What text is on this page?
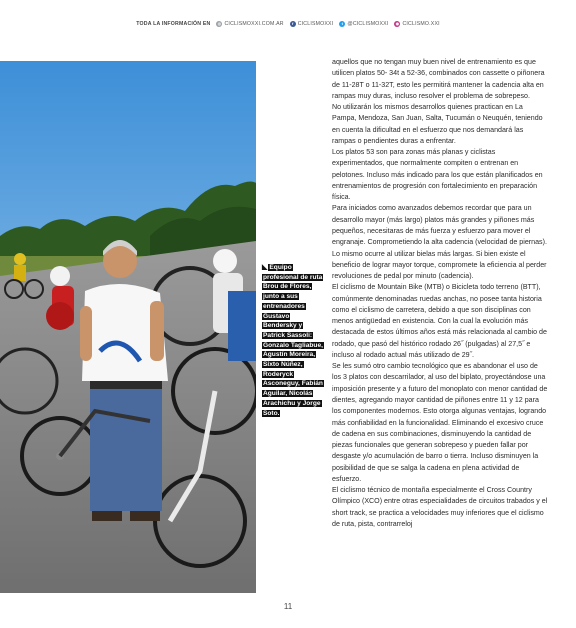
TODA LA INFORMACIÓN EN ◎ CICLISMOXXI.COM.AR	f CICLISMOXXI	t @CICLISMOXXI ◉ CICLISMO.XXI
◣ Equipo profesional de ruta Brou de Flores, junto a sus entrenadores Gustavo Bendersky y Patrick Sassoli: Gonzalo Tagliabue, Agustín Moreira, Sixto Núñez, Roderyck Asconeguy, Fabián Aguilar, Nicolás Arachichu y Jorge Soto.

aquellos que no tengan muy buen nivel de entrenamiento es que utilicen platos 50- 34t a 52-36, combinados con cassette o piñonera de 11-28T o 11-32T, esto les permitirá mantener la cadencia alta en rampas muy duras, incluso resolver el problema de sobrepeso.

No utilizarán los mismos desarrollos quienes practican en La Pampa, Mendoza, San Juan, Salta, Tucumán o Neuquén, teniendo en cuenta la dificultad en el esfuerzo que nos demandará las rampas o pendientes duras a enfrentar.

Los platos 53 son para zonas más planas y ciclistas experimentados, que normalmente compiten o entrenan en pelotones. Incluso más indicado para los que están planificados en entrenamientos de progresión con fortalecimiento en preparación física.

Para iniciados como avanzados debemos recordar que para un desarrollo mayor (más largo) platos más grandes y piñones más pequeños, necesitaras de más fuerza y esfuerzo para mover el engranaje. Comprometiendo la alta cadencia (velocidad de piernas).

Lo mismo ocurre al utilizar bielas más largas. Si bien existe el beneficio de lograr mayor torque, compromete la eficiencia al perder revoluciones de pedal por minuto (cadencia).

El ciclismo de Mountain Bike (MTB) o Bicicleta todo terreno (BTT), comúnmente denominadas ruedas anchas, no posee tanta historia como el ciclismo de carretera, debido a que son disciplinas con menos antigüedad en existencia. Con la cual la evolución más destacada de estos últimos años está más relacionada al cambio de rodado, que pasó del histórico rodado 26˝ (pulgadas) al 27,5˝ e incluso al rodado actual más utilizado de 29˝.

Se les sumó otro cambio tecnológico que es abandonar el uso de los 3 platos con descarrilador, al uso del biplato, proyectándose una imposición presente y a futuro del monoplato con menor cantidad de dientes, agregando mayor cantidad de piñones entre 11 y 12 para los componentes modernos. Esto otorga algunas ventajas, logrando más confiabilidad en la funcionalidad. Eliminando el excesivo cruce de cadena en sus combinaciones, disminuyendo la cantidad de piezas funcionales que generan sobrepeso y pueden fallar por desgaste y/o acumulación de barro o tierra. Incluso disminuyen la posibilidad de que se salga la cadena en plena actividad de esfuerzo.

El ciclismo técnico de montaña especialmente el Cross Country Olímpico (XCO) entre otras especialidades de circuitos trabados y el short track, se practica a velocidades muy inferiores que el ciclismo de ruta, pista, contrarreloj

11
